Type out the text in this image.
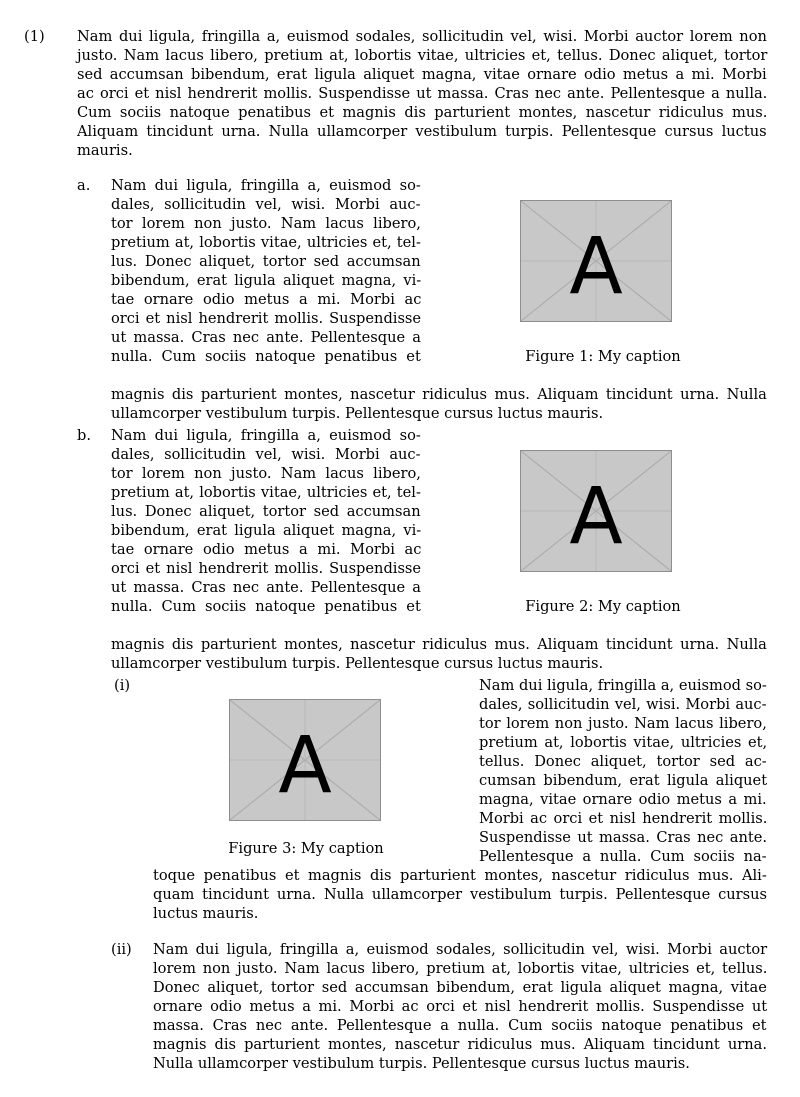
(1) Nam dui ligula, fringilla a, euismod sodales, sollicitudin vel, wisi. Morbi auctor lorem non

justo. Nam lacus libero, pretium at, lobortis vitae, ultricies et, tellus. Donec aliquet, tortor

sed accumsan bibendum, erat ligula aliquet magna, vitae ornare odio metus a mi. Morbi

ac orci et nisl hendrerit mollis. Suspendisse ut massa. Cras nec ante. Pellentesque a nulla.

Cum sociis natoque penatibus et magnis dis parturient montes, nascetur ridiculus mus.

Aliquam tincidunt urna. Nulla ullamcorper vestibulum turpis. Pellentesque cursus luctus

mauris.

a. Nam dui ligula, fringilla a, euismod so-

dales, sollicitudin vel, wisi. Morbi auc-

tor lorem non justo. Nam lacus libero,

pretium at, lobortis vitae, ultricies et, tel-

lus. Donec aliquet, tortor sed accumsan

bibendum, erat ligula aliquet magna, vi-

tae ornare odio metus a mi. Morbi ac

orci et nisl hendrerit mollis. Suspendisse

ut massa. Cras nec ante. Pellentesque a

nulla. Cum sociis natoque penatibus et

magnis dis parturient montes, nascetur ridiculus mus. Aliquam tincidunt urna. Nulla

ullamcorper vestibulum turpis. Pellentesque cursus luctus mauris.

A
Figure 1: My caption
b. Nam dui ligula, fringilla a, euismod so-

dales, sollicitudin vel, wisi. Morbi auc-

tor lorem non justo. Nam lacus libero,

pretium at, lobortis vitae, ultricies et, tel-

lus. Donec aliquet, tortor sed accumsan

bibendum, erat ligula aliquet magna, vi-

tae ornare odio metus a mi. Morbi ac

orci et nisl hendrerit mollis. Suspendisse

ut massa. Cras nec ante. Pellentesque a

nulla. Cum sociis natoque penatibus et

magnis dis parturient montes, nascetur ridiculus mus. Aliquam tincidunt urna. Nulla

ullamcorper vestibulum turpis. Pellentesque cursus luctus mauris.

A
Figure 2: My caption
(i)
A
Figure 3: My caption

Nam dui ligula, fringilla a, euismod so-

dales, sollicitudin vel, wisi. Morbi auc-

tor lorem non justo. Nam lacus libero,

pretium at, lobortis vitae, ultricies et,

tellus. Donec aliquet, tortor sed ac-

cumsan bibendum, erat ligula aliquet

magna, vitae ornare odio metus a mi.

Morbi ac orci et nisl hendrerit mollis.

Suspendisse ut massa. Cras nec ante.

Pellentesque a nulla. Cum sociis na-

toque penatibus et magnis dis parturient montes, nascetur ridiculus mus. Ali-

quam tincidunt urna. Nulla ullamcorper vestibulum turpis. Pellentesque cursus

luctus mauris.

(ii) Nam dui ligula, fringilla a, euismod sodales, sollicitudin vel, wisi. Morbi auctor

lorem non justo. Nam lacus libero, pretium at, lobortis vitae, ultricies et, tellus.

Donec aliquet, tortor sed accumsan bibendum, erat ligula aliquet magna, vitae

ornare odio metus a mi. Morbi ac orci et nisl hendrerit mollis. Suspendisse ut

massa. Cras nec ante. Pellentesque a nulla. Cum sociis natoque penatibus et

magnis dis parturient montes, nascetur ridiculus mus. Aliquam tincidunt urna.

Nulla ullamcorper vestibulum turpis. Pellentesque cursus luctus mauris.
